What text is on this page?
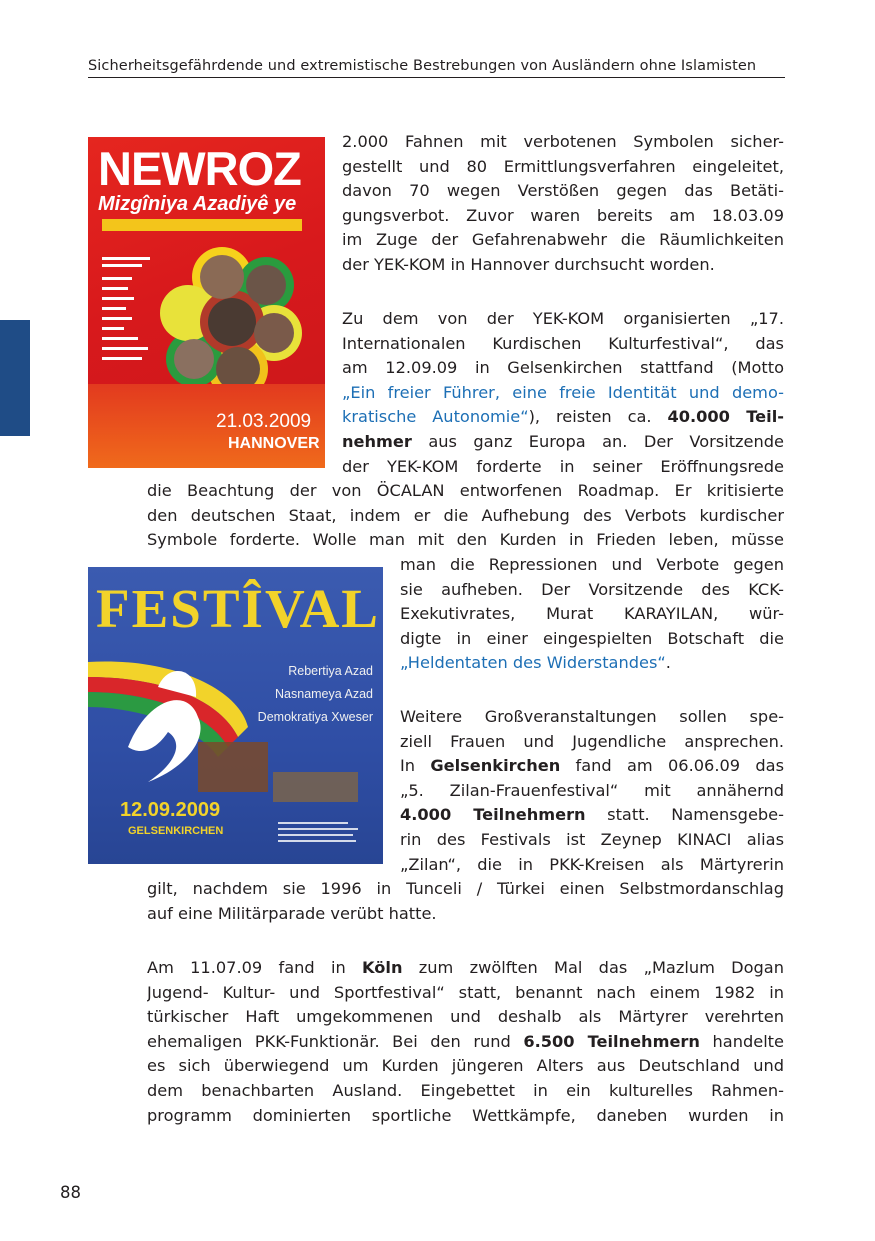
Sicherheitsgefährdende und extremistische Bestrebungen von Ausländern ohne Islamisten
NEWROZ
Mizgîniya Azadiyê ye
21.03.2009
HANNOVER
FESTÎVAL
Rebertiya Azad
Nasnameya Azad
Demokratiya Xweser
12.09.2009
GELSENKIRCHEN
2.000 Fahnen mit verbotenen Symbolen sicher-
gestellt und 80 Ermittlungsverfahren eingeleitet,
davon 70 wegen Verstößen gegen das Betäti-
gungsverbot. Zuvor waren bereits am 18.03.09
im Zuge der Gefahrenabwehr die Räumlichkeiten
der YEK-KOM in Hannover durchsucht worden.
Zu dem von der YEK-KOM organisierten „17.
Internationalen Kurdischen Kulturfestival“, das
am 12.09.09 in Gelsenkirchen stattfand (Motto
„Ein freier Führer, eine freie Identität und demo-
kratische Autonomie“), reisten ca. 40.000 Teil-
nehmer aus ganz Europa an. Der Vorsitzende
der YEK-KOM forderte in seiner Eröffnungsrede
die Beachtung der von ÖCALAN entworfenen Roadmap. Er kritisierte
den deutschen Staat, indem er die Aufhebung des Verbots kurdischer
Symbole forderte. Wolle man mit den Kurden in Frieden leben, müsse
man die Repressionen und Verbote gegen
sie aufheben. Der Vorsitzende des KCK-
Exekutivrates, Murat KARAYILAN, wür-
digte in einer eingespielten Botschaft die
„Heldentaten des Widerstandes“.
Weitere Großveranstaltungen sollen spe-
ziell Frauen und Jugendliche ansprechen.
In Gelsenkirchen fand am 06.06.09 das
„5. Zilan-Frauenfestival“ mit annähernd
4.000 Teilnehmern statt. Namensgebe-
rin des Festivals ist Zeynep KINACI alias
„Zilan“, die in PKK-Kreisen als Märtyrerin
gilt, nachdem sie 1996 in Tunceli / Türkei einen Selbstmordanschlag
auf eine Militärparade verübt hatte.
Am 11.07.09 fand in Köln zum zwölften Mal das „Mazlum Dogan
Jugend- Kultur- und Sportfestival“ statt, benannt nach einem 1982 in
türkischer Haft umgekommenen und deshalb als Märtyrer verehrten
ehemaligen PKK-Funktionär. Bei den rund 6.500 Teilnehmern handelte
es sich überwiegend um Kurden jüngeren Alters aus Deutschland und
dem benachbarten Ausland. Eingebettet in ein kulturelles Rahmen-
programm dominierten sportliche Wettkämpfe, daneben wurden in
88
